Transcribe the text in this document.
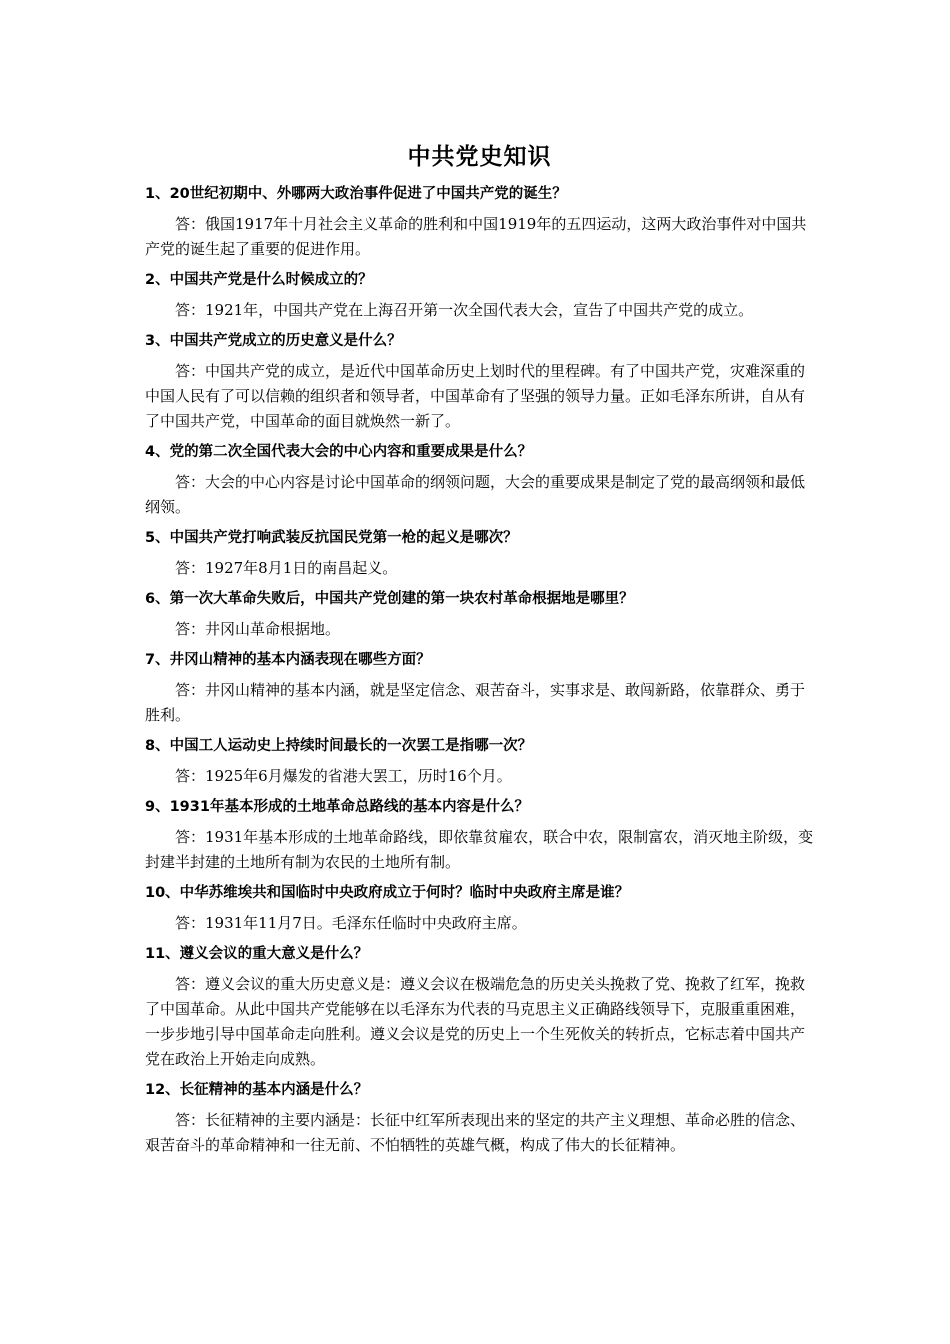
中共党史知识

1、20世纪初期中、外哪两大政治事件促进了中国共产党的诞生？

答：俄国1917年十月社会主义革命的胜利和中国1919年的五四运动，这两大政治事件对中国共产党的诞生起了重要的促进作用。

2、中国共产党是什么时候成立的？

答：1921年，中国共产党在上海召开第一次全国代表大会，宣告了中国共产党的成立。

3、中国共产党成立的历史意义是什么？

答：中国共产党的成立，是近代中国革命历史上划时代的里程碑。有了中国共产党，灾难深重的中国人民有了可以信赖的组织者和领导者，中国革命有了坚强的领导力量。正如毛泽东所讲，自从有了中国共产党，中国革命的面目就焕然一新了。

4、党的第二次全国代表大会的中心内容和重要成果是什么？

答：大会的中心内容是讨论中国革命的纲领问题，大会的重要成果是制定了党的最高纲领和最低纲领。

5、中国共产党打响武装反抗国民党第一枪的起义是哪次？

答：1927年8月1日的南昌起义。

6、第一次大革命失败后，中国共产党创建的第一块农村革命根据地是哪里？

答：井冈山革命根据地。

7、井冈山精神的基本内涵表现在哪些方面？

答：井冈山精神的基本内涵，就是坚定信念、艰苦奋斗，实事求是、敢闯新路，依靠群众、勇于胜利。

8、中国工人运动史上持续时间最长的一次罢工是指哪一次？

答：1925年6月爆发的省港大罢工，历时16个月。

9、1931年基本形成的土地革命总路线的基本内容是什么？

答：1931年基本形成的土地革命路线，即依靠贫雇农，联合中农，限制富农，消灭地主阶级，变封建半封建的土地所有制为农民的土地所有制。

10、中华苏维埃共和国临时中央政府成立于何时？临时中央政府主席是谁？

答：1931年11月7日。毛泽东任临时中央政府主席。

11、遵义会议的重大意义是什么？

答：遵义会议的重大历史意义是：遵义会议在极端危急的历史关头挽救了党、挽救了红军，挽救了中国革命。从此中国共产党能够在以毛泽东为代表的马克思主义正确路线领导下，克服重重困难，一步步地引导中国革命走向胜利。遵义会议是党的历史上一个生死攸关的转折点，它标志着中国共产党在政治上开始走向成熟。

12、长征精神的基本内涵是什么？

答：长征精神的主要内涵是：长征中红军所表现出来的坚定的共产主义理想、革命必胜的信念、艰苦奋斗的革命精神和一往无前、不怕牺牲的英雄气概，构成了伟大的长征精神。
